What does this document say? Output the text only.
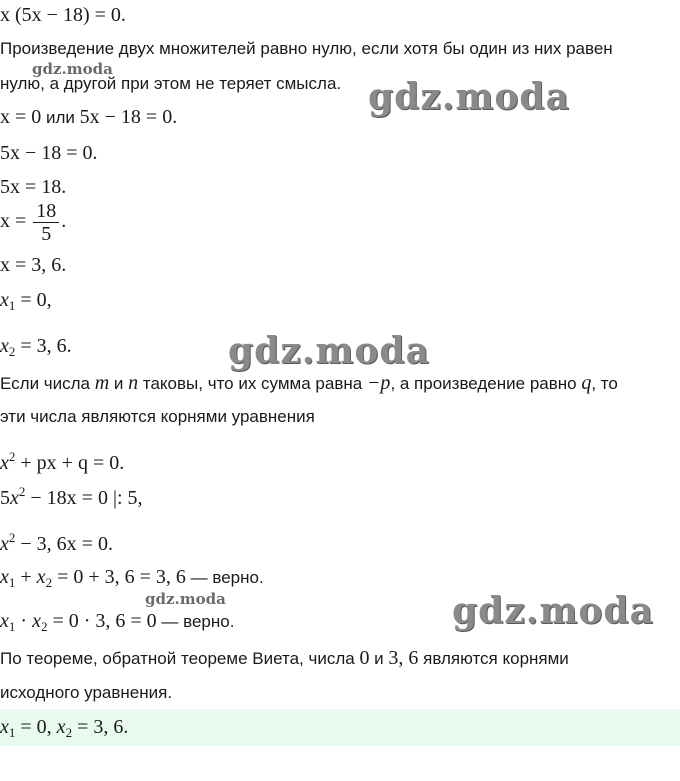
gdz.moda
gdz.moda
gdz.moda
gdz.moda	gdz.moda
x (5x − 18) = 0.
Произведение двух множителей равно нулю, если хотя бы один из них равен
нулю, а другой при этом не теряет смысла.
x = 0 или 5x − 18 = 0.
5x − 18 = 0.
5x = 18.
$x = \frac{18}{5}$ .
x = 3, 6.
$x_1 = 0$,
$x_2 = 3$, 6.
Если числа m и n таковы, что их сумма равна −p, а произведение равно q, то
эти числа являются корнями уравнения
$x^2$ + px + q = 0.
$5x^2 - 18x = 0$ |: 5,
$x^2 - 3$, 6x = 0.
$x_1 + x_2 = 0 + 3$, 6 = 3, 6 — верно.
$x_1 \cdot x_2 = 0 \cdot 3$, 6 = 0 — верно.
По теореме, обратной теореме Виета, числа 0 и 3, 6 являются корнями
исходного уравнения.
$x_1 = 0$, $x_2 = 3$, 6.
